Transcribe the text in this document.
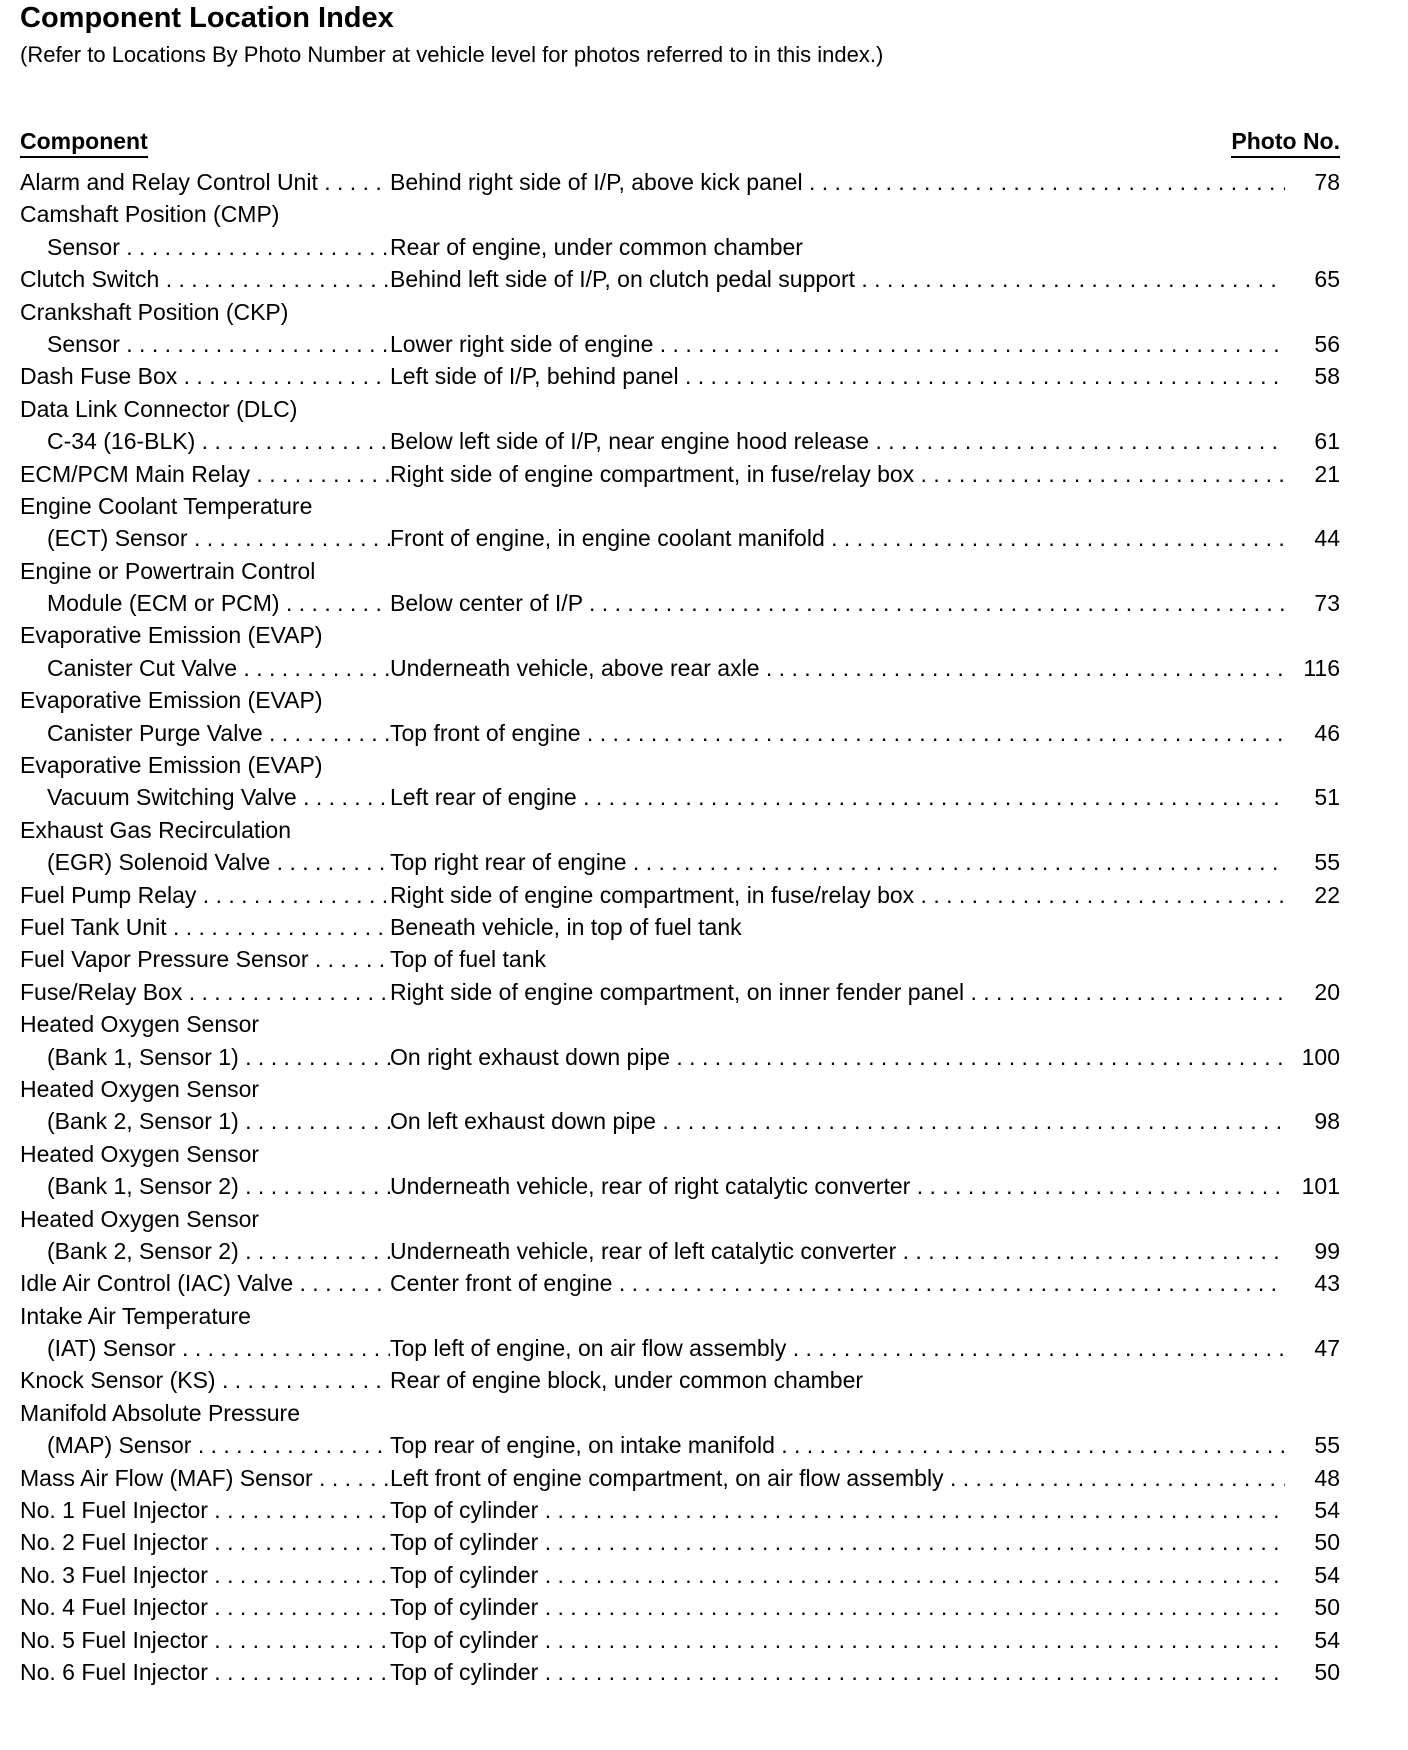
Component Location Index
(Refer to Locations By Photo Number at vehicle level for photos referred to in this index.)
Component	Photo No.
Alarm and Relay Control Unit . . .	Behind right side of I/P, above kick panel . . .	78
Camshaft Position (CMP)
Sensor . . .	Rear of engine, under common chamber
Clutch Switch . . .	Behind left side of I/P, on clutch pedal support . . .	65
Crankshaft Position (CKP)
Sensor . . .	Lower right side of engine . . .	56
Dash Fuse Box . . .	Left side of I/P, behind panel . . .	58
Data Link Connector (DLC)
C-34 (16-BLK) . . .	Below left side of I/P, near engine hood release . . .	61
ECM/PCM Main Relay . . .	Right side of engine compartment, in fuse/relay box . . .	21
Engine Coolant Temperature
(ECT) Sensor . . .	Front of engine, in engine coolant manifold . . .	44
Engine or Powertrain Control
Module (ECM or PCM) . . .	Below center of I/P . . .	73
Evaporative Emission (EVAP)
Canister Cut Valve . . .	Underneath vehicle, above rear axle . . .	116
Evaporative Emission (EVAP)
Canister Purge Valve . . .	Top front of engine . . .	46
Evaporative Emission (EVAP)
Vacuum Switching Valve . . .	Left rear of engine . . .	51
Exhaust Gas Recirculation
(EGR) Solenoid Valve . . .	Top right rear of engine . . .	55
Fuel Pump Relay . . .	Right side of engine compartment, in fuse/relay box . . .	22
Fuel Tank Unit . . .	Beneath vehicle, in top of fuel tank
Fuel Vapor Pressure Sensor . . .	Top of fuel tank
Fuse/Relay Box . . .	Right side of engine compartment, on inner fender panel . . .	20
Heated Oxygen Sensor
(Bank 1, Sensor 1) . . .	On right exhaust down pipe . . .	100
Heated Oxygen Sensor
(Bank 2, Sensor 1) . . .	On left exhaust down pipe . . .	98
Heated Oxygen Sensor
(Bank 1, Sensor 2) . . .	Underneath vehicle, rear of right catalytic converter . . .	101
Heated Oxygen Sensor
(Bank 2, Sensor 2) . . .	Underneath vehicle, rear of left catalytic converter . . .	99
Idle Air Control (IAC) Valve . . .	Center front of engine . . .	43
Intake Air Temperature
(IAT) Sensor . . .	Top left of engine, on air flow assembly . . .	47
Knock Sensor (KS) . . .	Rear of engine block, under common chamber
Manifold Absolute Pressure
(MAP) Sensor . . .	Top rear of engine, on intake manifold . . .	55
Mass Air Flow (MAF) Sensor . . .	Left front of engine compartment, on air flow assembly . . .	48
No. 1 Fuel Injector . . .	Top of cylinder . . .	54
No. 2 Fuel Injector . . .	Top of cylinder . . .	50
No. 3 Fuel Injector . . .	Top of cylinder . . .	54
No. 4 Fuel Injector . . .	Top of cylinder . . .	50
No. 5 Fuel Injector . . .	Top of cylinder . . .	54
No. 6 Fuel Injector . . .	Top of cylinder . . .	50
